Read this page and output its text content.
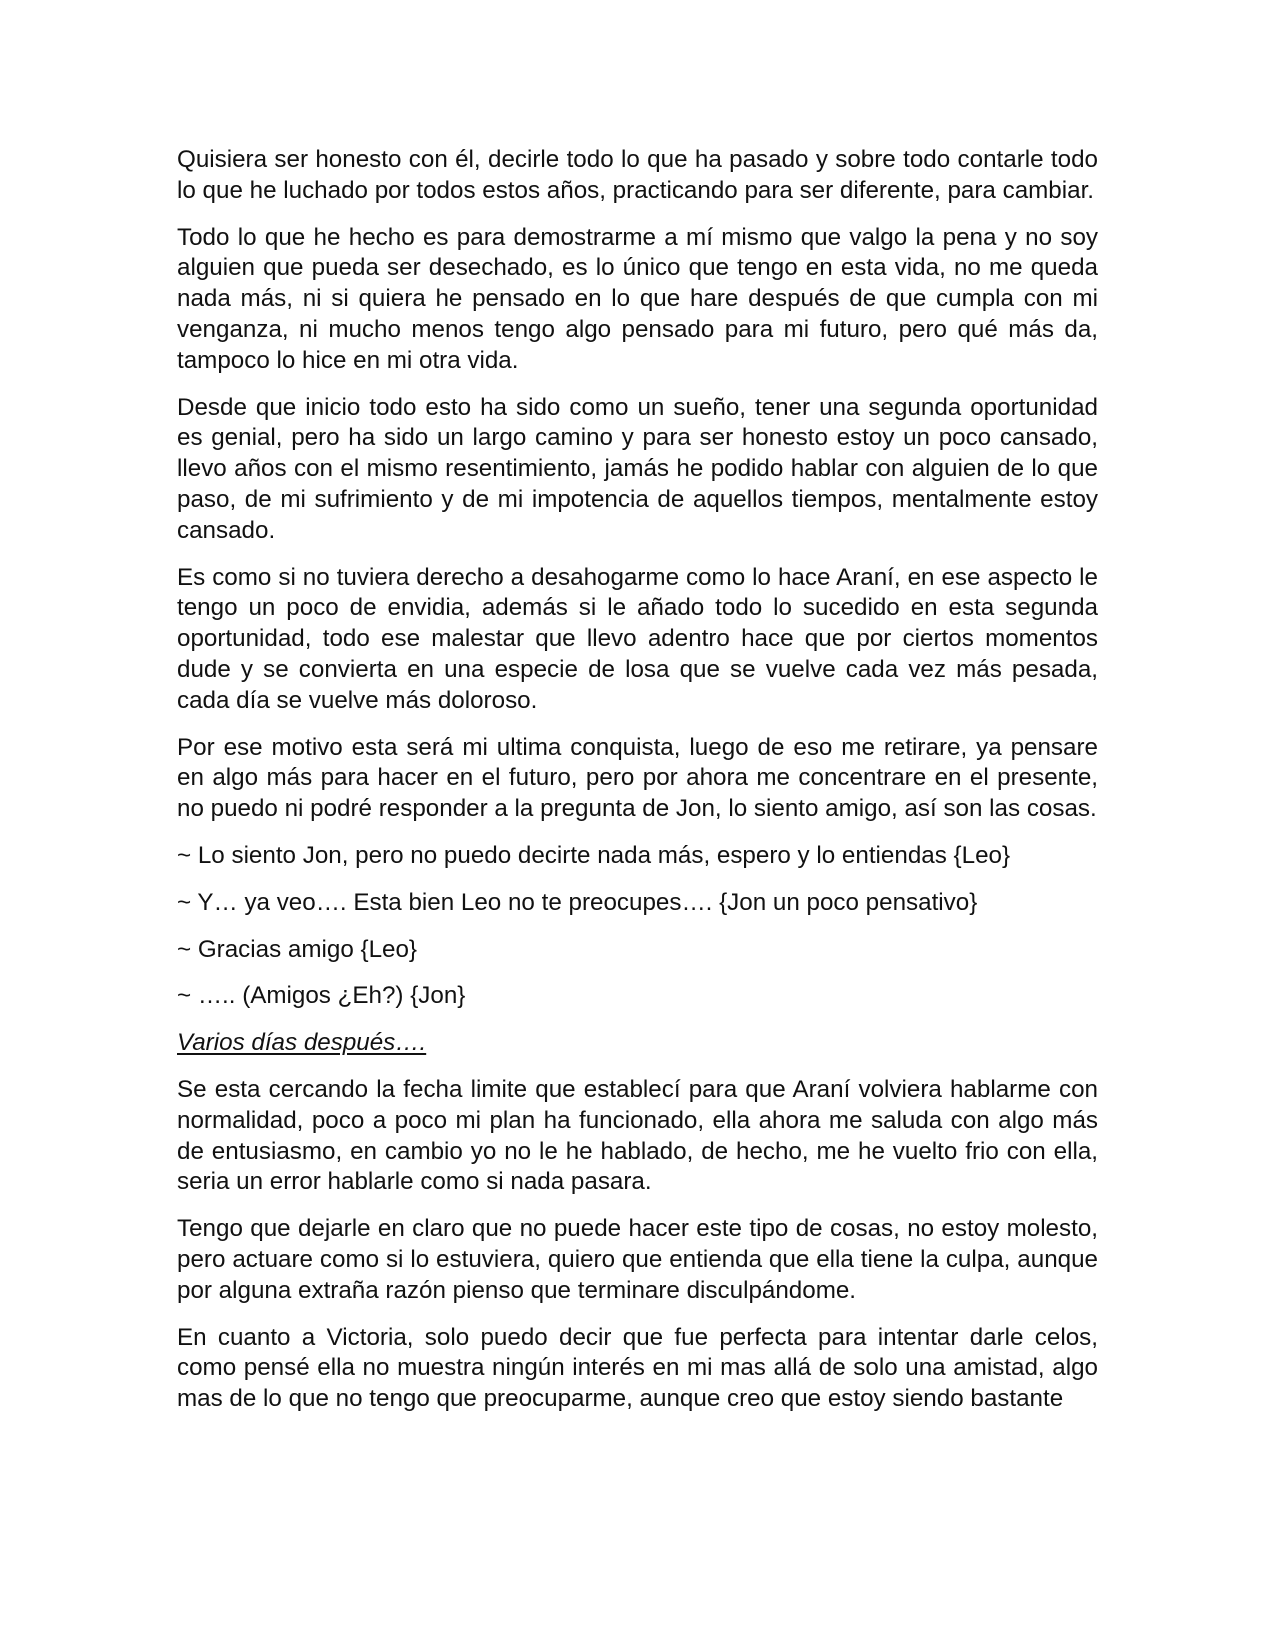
Quisiera ser honesto con él, decirle todo lo que ha pasado y sobre todo contarle todo lo que he luchado por todos estos años, practicando para ser diferente, para cambiar.

Todo lo que he hecho es para demostrarme a mí mismo que valgo la pena y no soy alguien que pueda ser desechado, es lo único que tengo en esta vida, no me queda nada más, ni si quiera he pensado en lo que hare después de que cumpla con mi venganza, ni mucho menos tengo algo pensado para mi futuro, pero qué más da, tampoco lo hice en mi otra vida.

Desde que inicio todo esto ha sido como un sueño, tener una segunda oportunidad es genial, pero ha sido un largo camino y para ser honesto estoy un poco cansado, llevo años con el mismo resentimiento, jamás he podido hablar con alguien de lo que paso, de mi sufrimiento y de mi impotencia de aquellos tiempos, mentalmente estoy cansado.

Es como si no tuviera derecho a desahogarme como lo hace Araní, en ese aspecto le tengo un poco de envidia, además si le añado todo lo sucedido en esta segunda oportunidad, todo ese malestar que llevo adentro hace que por ciertos momentos dude y se convierta en una especie de losa que se vuelve cada vez más pesada, cada día se vuelve más doloroso.

Por ese motivo esta será mi ultima conquista, luego de eso me retirare, ya pensare en algo más para hacer en el futuro, pero por ahora me concentrare en el presente, no puedo ni podré responder a la pregunta de Jon, lo siento amigo, así son las cosas.

~ Lo siento Jon, pero no puedo decirte nada más, espero y lo entiendas {Leo}

~ Y… ya veo…. Esta bien Leo no te preocupes…. {Jon un poco pensativo}

~ Gracias amigo {Leo}

~ ….. (Amigos ¿Eh?) {Jon}

Varios días después….

Se esta cercando la fecha limite que establecí para que Araní volviera hablarme con normalidad, poco a poco mi plan ha funcionado, ella ahora me saluda con algo más de entusiasmo, en cambio yo no le he hablado, de hecho, me he vuelto frio con ella, seria un error hablarle como si nada pasara.

Tengo que dejarle en claro que no puede hacer este tipo de cosas, no estoy molesto, pero actuare como si lo estuviera, quiero que entienda que ella tiene la culpa, aunque por alguna extraña razón pienso que terminare disculpándome.

En cuanto a Victoria, solo puedo decir que fue perfecta para intentar darle celos, como pensé ella no muestra ningún interés en mi mas allá de solo una amistad, algo mas de lo que no tengo que preocuparme, aunque creo que estoy siendo bastante
